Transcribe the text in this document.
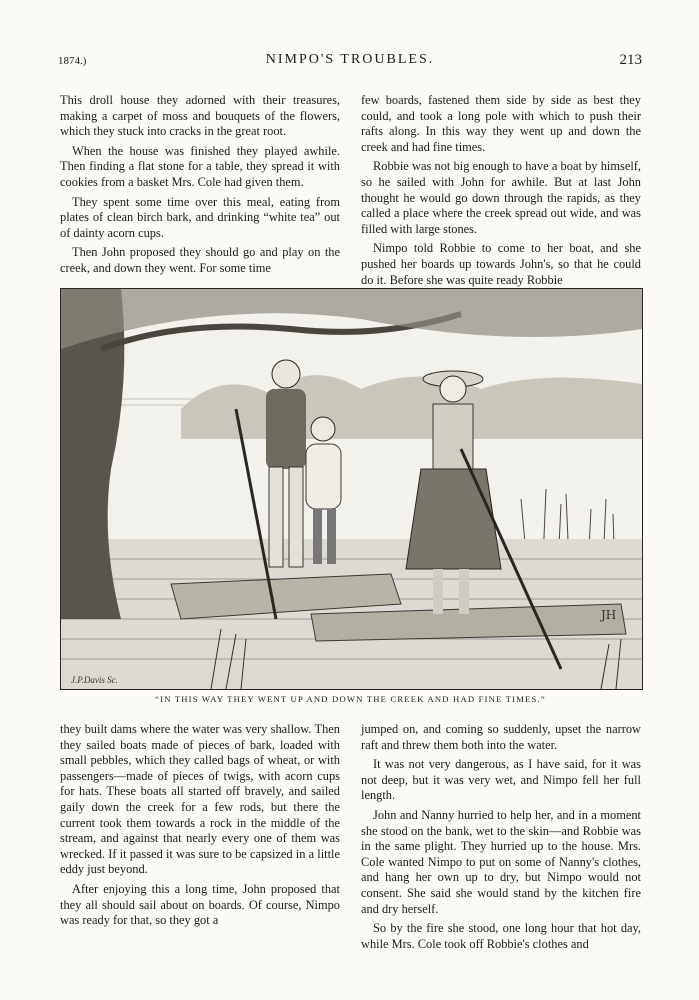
1874.)	NIMPO'S TROUBLES.	213

This droll house they adorned with their treasures, making a carpet of moss and bouquets of the flowers, which they stuck into cracks in the great root.

When the house was finished they played awhile. Then finding a flat stone for a table, they spread it with cookies from a basket Mrs. Cole had given them.

They spent some time over this meal, eating from plates of clean birch bark, and drinking “white tea” out of dainty acorn cups.

Then John proposed they should go and play on the creek, and down they went. For some time

few boards, fastened them side by side as best they could, and took a long pole with which to push their rafts along. In this way they went up and down the creek and had fine times.

Robbie was not big enough to have a boat by himself, so he sailed with John for awhile. But at last John thought he would go down through the rapids, as they called a place where the creek spread out wide, and was filled with large stones.

Nimpo told Robbie to come to her boat, and she pushed her boards up towards John's, so that he could do it. Before she was quite ready Robbie

JH
J.P.Davis Sc.
“IN THIS WAY THEY WENT UP AND DOWN THE CREEK AND HAD FINE TIMES.”

they built dams where the water was very shallow. Then they sailed boats made of pieces of bark, loaded with small pebbles, which they called bags of wheat, or with passengers—made of pieces of twigs, with acorn cups for hats. These boats all started off bravely, and sailed gaily down the creek for a few rods, but there the current took them towards a rock in the middle of the stream, and against that nearly every one of them was wrecked. If it passed it was sure to be capsized in a little eddy just beyond.

After enjoying this a long time, John proposed that they all should sail about on boards. Of course, Nimpo was ready for that, so they got a

jumped on, and coming so suddenly, upset the narrow raft and threw them both into the water.

It was not very dangerous, as I have said, for it was not deep, but it was very wet, and Nimpo fell her full length.

John and Nanny hurried to help her, and in a moment she stood on the bank, wet to the skin—and Robbie was in the same plight. They hurried up to the house. Mrs. Cole wanted Nimpo to put on some of Nanny's clothes, and hang her own up to dry, but Nimpo would not consent. She said she would stand by the kitchen fire and dry herself.

So by the fire she stood, one long hour that hot day, while Mrs. Cole took off Robbie's clothes and
